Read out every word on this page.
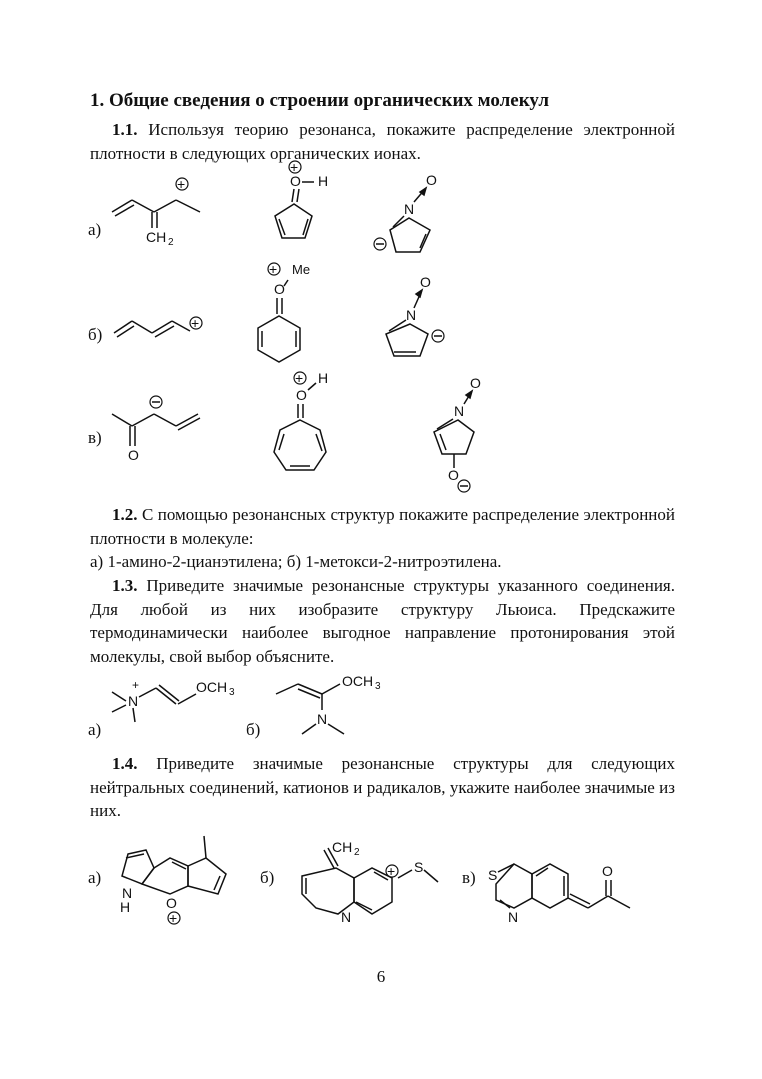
1. Общие сведения о строении органических молекул
1.1. Используя теорию резонанса, покажите распределение электронной плотности в следующих органических ионах.
а)
б)
в)
CH 2
+
+
O H	O
N
+
+ Me
O	O
N
O
+ H
O
O
N
O
1.2. С помощью резонансных структур покажите распределение электронной плотности в молекуле:
а) 1-амино-2-цианэтилена; б) 1-метокси-2-нитроэтилена.
1.3. Приведите значимые резонансные структуры указанного соединения. Для любой из них изобразите структуру Льюиса. Предскажите термодинамически наиболее выгодное направление протонирования этой молекулы, свой выбор объясните.
а)	б)
+
N
OCH 3
OCH 3
N
1.4. Приведите значимые резонансные структуры для следующих нейтральных соединений, катионов и радикалов, укажите наиболее значимые из них.
а)	б)	в)
N
H	O
+
CH 2
N
+ S	S
N
O
6
